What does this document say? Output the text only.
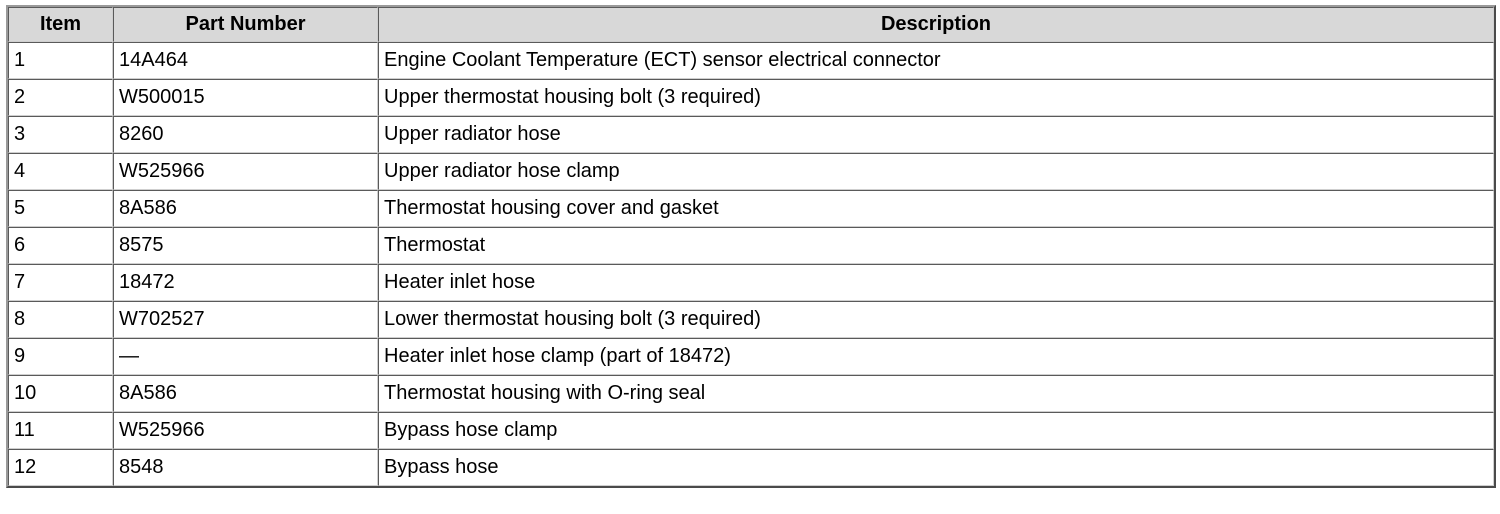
Item	Part Number	Description
1	14A464	Engine Coolant Temperature (ECT) sensor electrical connector
2	W500015	Upper thermostat housing bolt (3 required)
3	8260	Upper radiator hose
4	W525966	Upper radiator hose clamp
5	8A586	Thermostat housing cover and gasket
6	8575	Thermostat
7	18472	Heater inlet hose
8	W702527	Lower thermostat housing bolt (3 required)
9	—	Heater inlet hose clamp (part of 18472)
10	8A586	Thermostat housing with O-ring seal
11	W525966	Bypass hose clamp
12	8548	Bypass hose
